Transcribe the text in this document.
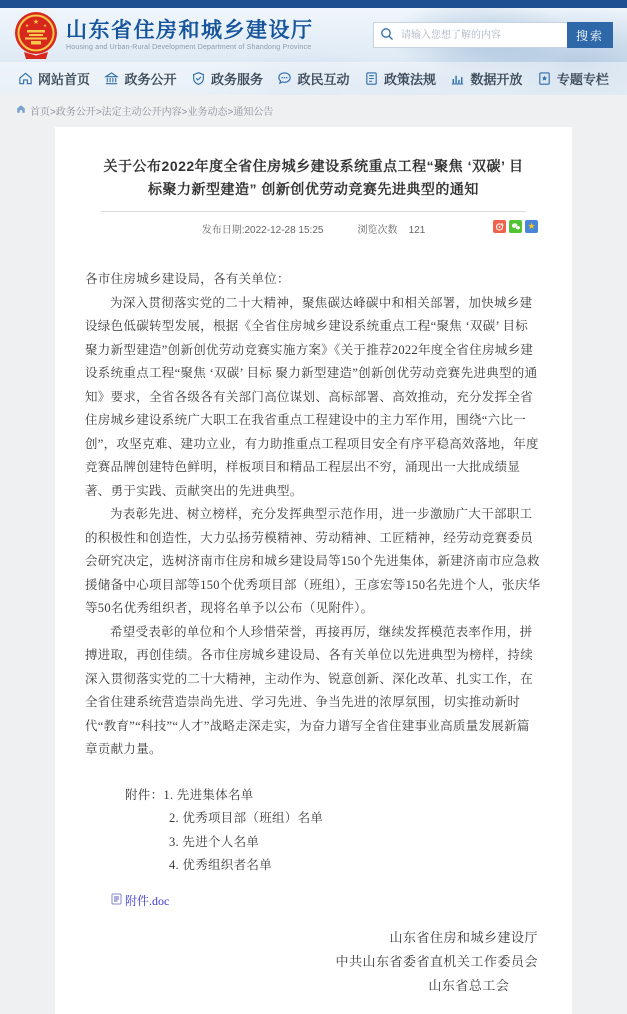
★
★	★ 山东省住房和城乡建设厅
Housing and Urban-Rural Development Department of Shandong Province
请输入您想了解的内容
搜索
网站首页	政务公开	政务服务	政民互动	政策法规	数据开放	专题专栏
首页>政务公开>法定主动公开内容>业务动态>通知公告
关于公布2022年度全省住房城乡建设系统重点工程“聚焦 ‘双碳’ 目标聚力新型建造” 创新创优劳动竞赛先进典型的通知
发布日期:2022-12-28 15:25	浏览次数 121	★

各市住房城乡建设局，各有关单位：

为深入贯彻落实党的二十大精神，聚焦碳达峰碳中和相关部署，加快城乡建设绿色低碳转型发展，根据《全省住房城乡建设系统重点工程“聚焦 ‘双碳’ 目标 聚力新型建造”创新创优劳动竞赛实施方案》《关于推荐2022年度全省住房城乡建设系统重点工程“聚焦 ‘双碳’ 目标 聚力新型建造”创新创优劳动竞赛先进典型的通知》要求，全省各级各有关部门高位谋划、高标部署、高效推动，充分发挥全省住房城乡建设系统广大职工在我省重点工程建设中的主力军作用，围绕“六比一创”，攻坚克难、建功立业，有力助推重点工程项目安全有序平稳高效落地，年度竞赛品牌创建特色鲜明，样板项目和精品工程层出不穷，涌现出一大批成绩显著、勇于实践、贡献突出的先进典型。

为表彰先进、树立榜样，充分发挥典型示范作用，进一步激励广大干部职工的积极性和创造性，大力弘扬劳模精神、劳动精神、工匠精神，经劳动竞赛委员会研究决定，选树济南市住房和城乡建设局等150个先进集体，新建济南市应急救援储备中心项目部等150个优秀项目部（班组），王彦宏等150名先进个人，张庆华等50名优秀组织者，现将名单予以公布（见附件）。

希望受表彰的单位和个人珍惜荣誉，再接再厉，继续发挥模范表率作用，拼搏进取，再创佳绩。各市住房城乡建设局、各有关单位以先进典型为榜样，持续深入贯彻落实党的二十大精神，主动作为、锐意创新、深化改革、扎实工作，在全省住建系统营造崇尚先进、学习先进、争当先进的浓厚氛围，切实推动新时代“教育”“科技”“人才”战略走深走实，为奋力谱写全省住建事业高质量发展新篇章贡献力量。

附件：1. 先进集体名单
2. 优秀项目部（班组）名单
3. 先进个人名单
4. 优秀组织者名单
附件.doc
山东省住房和城乡建设厅
中共山东省委省直机关工作委员会
山东省总工会
